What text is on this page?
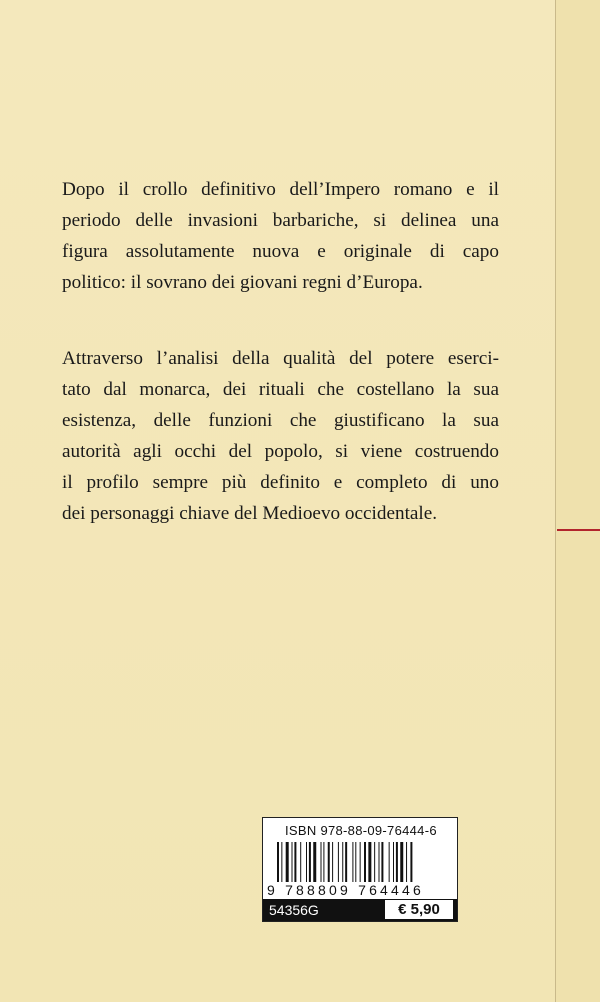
Dopo il crollo definitivo dell’Impero romano e il
periodo delle invasioni barbariche, si delinea una
figura assolutamente nuova e originale di capo
politico: il sovrano dei giovani regni d’Europa.

Attraverso l’analisi della qualità del potere eserci-
tato dal monarca, dei rituali che costellano la sua
esistenza, delle funzioni che giustificano la sua
autorità agli occhi del popolo, si viene costruendo
il profilo sempre più definito e completo di uno
dei personaggi chiave del Medioevo occidentale.

ISBN 978-88-09-76444-6
9 788809 764446
54356G	€ 5,90
